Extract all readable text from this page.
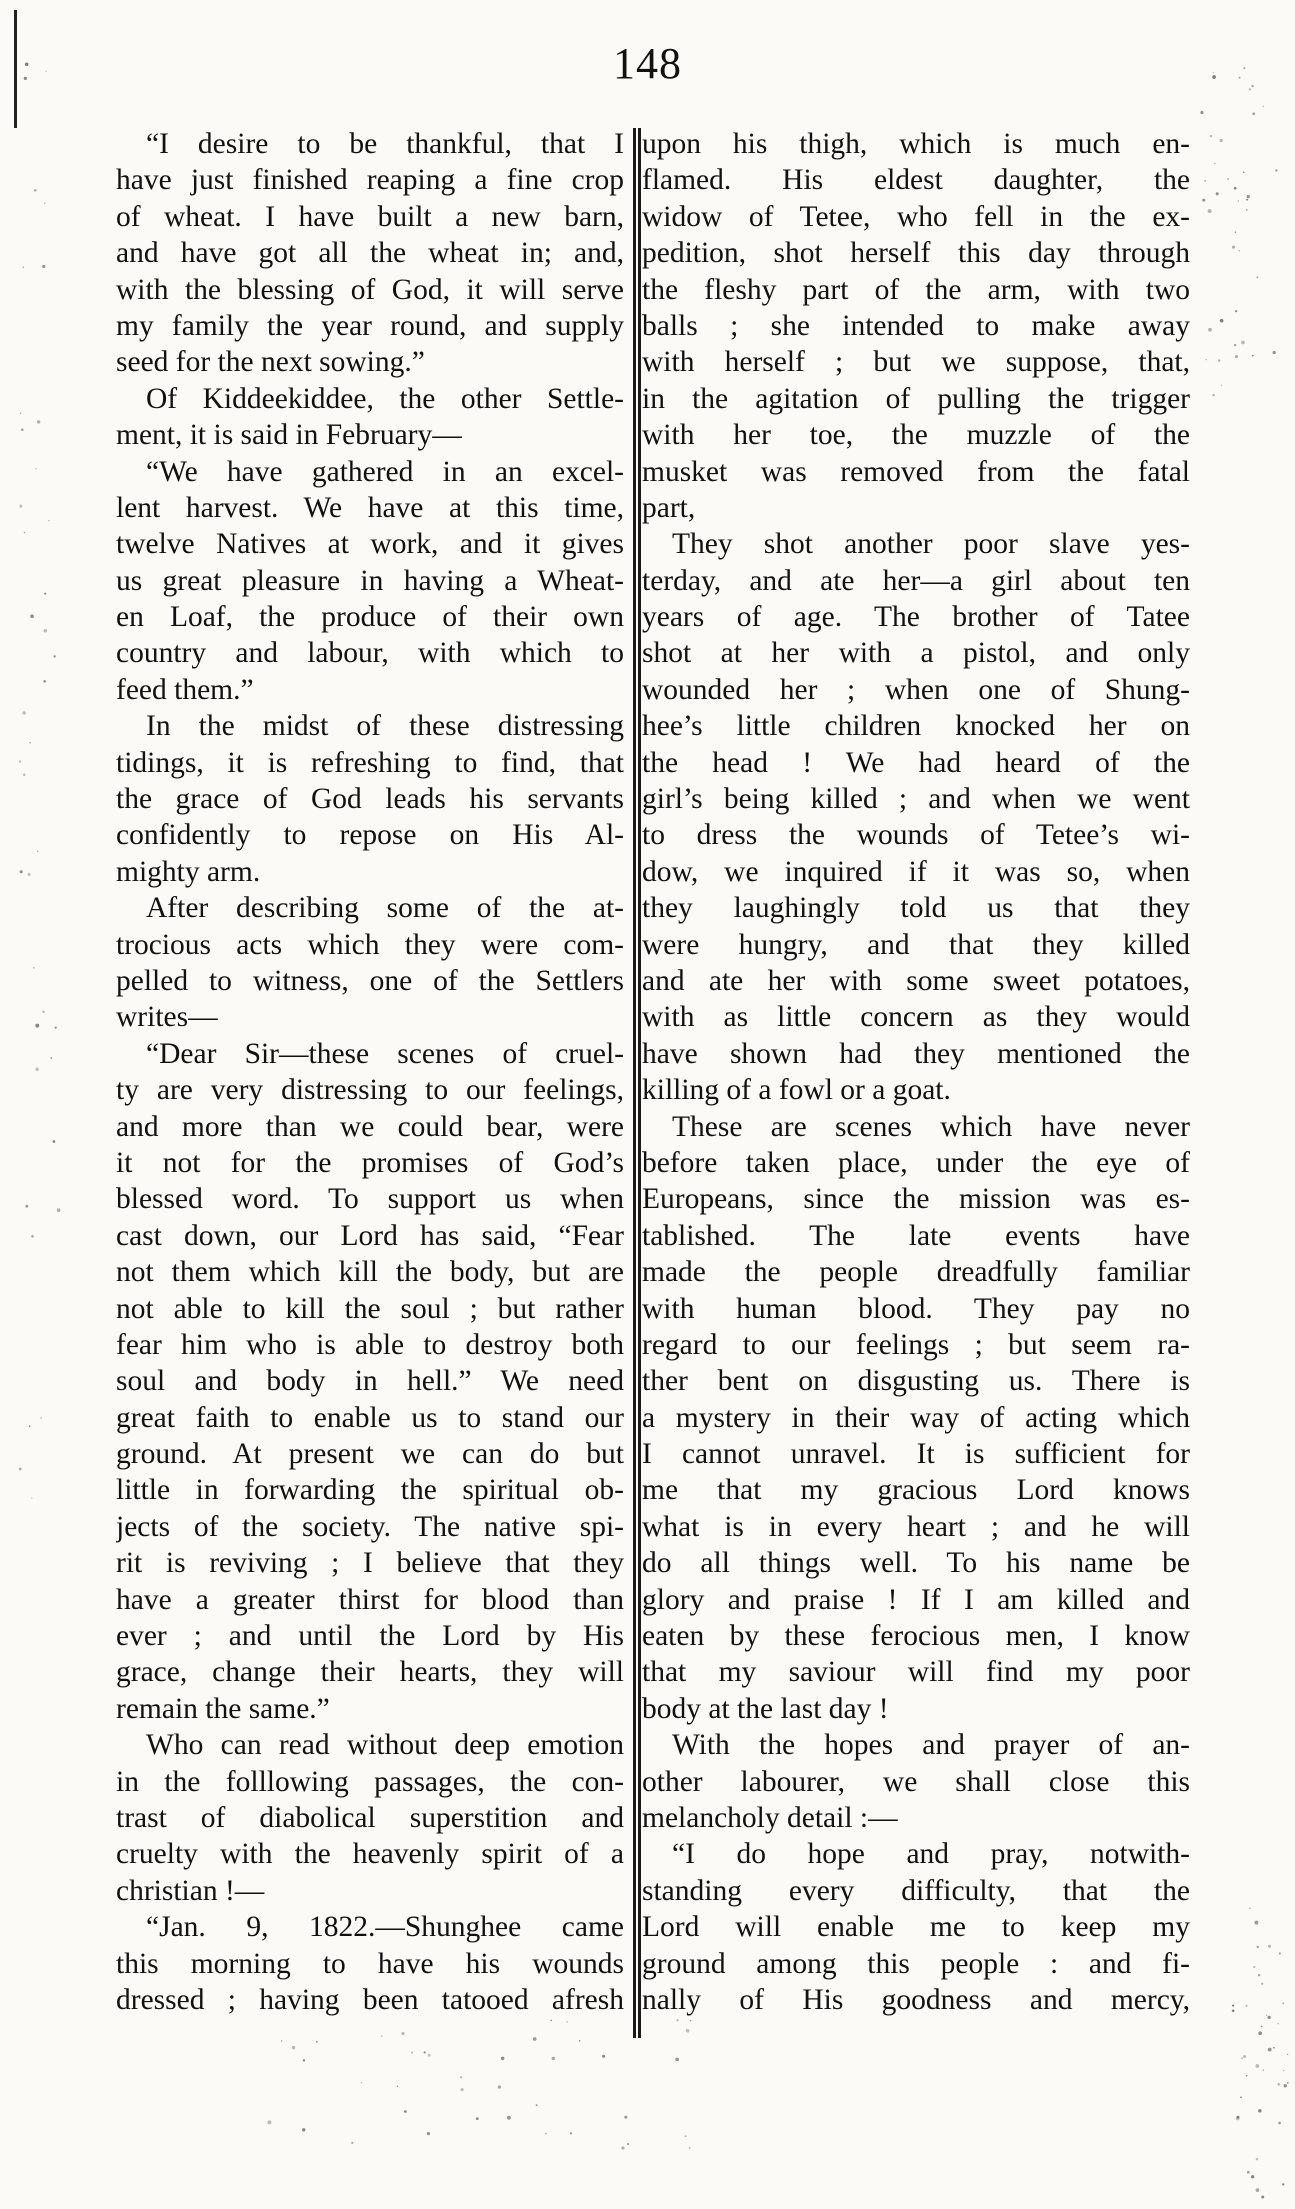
148
“I desire to be thankful, that I
have just finished reaping a fine crop
of wheat. I have built a new barn,
and have got all the wheat in; and,
with the blessing of God, it will serve
my family the year round, and supply
seed for the next sowing.”
Of Kiddeekiddee, the other Settle-
ment, it is said in February—
“We have gathered in an excel-
lent harvest. We have at this time,
twelve Natives at work, and it gives
us great pleasure in having a Wheat-
en Loaf, the produce of their own
country and labour, with which to
feed them.”
In the midst of these distressing
tidings, it is refreshing to find, that
the grace of God leads his servants
confidently to repose on His Al-
mighty arm.
After describing some of the at-
trocious acts which they were com-
pelled to witness, one of the Settlers
writes—
“Dear Sir—these scenes of cruel-
ty are very distressing to our feelings,
and more than we could bear, were
it not for the promises of God’s
blessed word. To support us when
cast down, our Lord has said, “Fear
not them which kill the body, but are
not able to kill the soul ; but rather
fear him who is able to destroy both
soul and body in hell.” We need
great faith to enable us to stand our
ground. At present we can do but
little in forwarding the spiritual ob-
jects of the society. The native spi-
rit is reviving ; I believe that they
have a greater thirst for blood than
ever ; and until the Lord by His
grace, change their hearts, they will
remain the same.”
Who can read without deep emotion
in the folllowing passages, the con-
trast of diabolical superstition and
cruelty with the heavenly spirit of a
christian !—
“Jan. 9, 1822.—Shunghee came
this morning to have his wounds
dressed ; having been tatooed afresh
upon his thigh, which is much en-
flamed. His eldest daughter, the
widow of Tetee, who fell in the ex-
pedition, shot herself this day through
the fleshy part of the arm, with two
balls ; she intended to make away
with herself ; but we suppose, that,
in the agitation of pulling the trigger
with her toe, the muzzle of the
musket was removed from the fatal
part,
They shot another poor slave yes-
terday, and ate her—a girl about ten
years of age. The brother of Tatee
shot at her with a pistol, and only
wounded her ; when one of Shung-
hee’s little children knocked her on
the head ! We had heard of the
girl’s being killed ; and when we went
to dress the wounds of Tetee’s wi-
dow, we inquired if it was so, when
they laughingly told us that they
were hungry, and that they killed
and ate her with some sweet potatoes,
with as little concern as they would
have shown had they mentioned the
killing of a fowl or a goat.
These are scenes which have never
before taken place, under the eye of
Europeans, since the mission was es-
tablished. The late events have
made the people dreadfully familiar
with human blood. They pay no
regard to our feelings ; but seem ra-
ther bent on disgusting us. There is
a mystery in their way of acting which
I cannot unravel. It is sufficient for
me that my gracious Lord knows
what is in every heart ; and he will
do all things well. To his name be
glory and praise ! If I am killed and
eaten by these ferocious men, I know
that my saviour will find my poor
body at the last day !
With the hopes and prayer of an-
other labourer, we shall close this
melancholy detail :—
“I do hope and pray, notwith-
standing every difficulty, that the
Lord will enable me to keep my
ground among this people : and fi-
nally of His goodness and mercy,
